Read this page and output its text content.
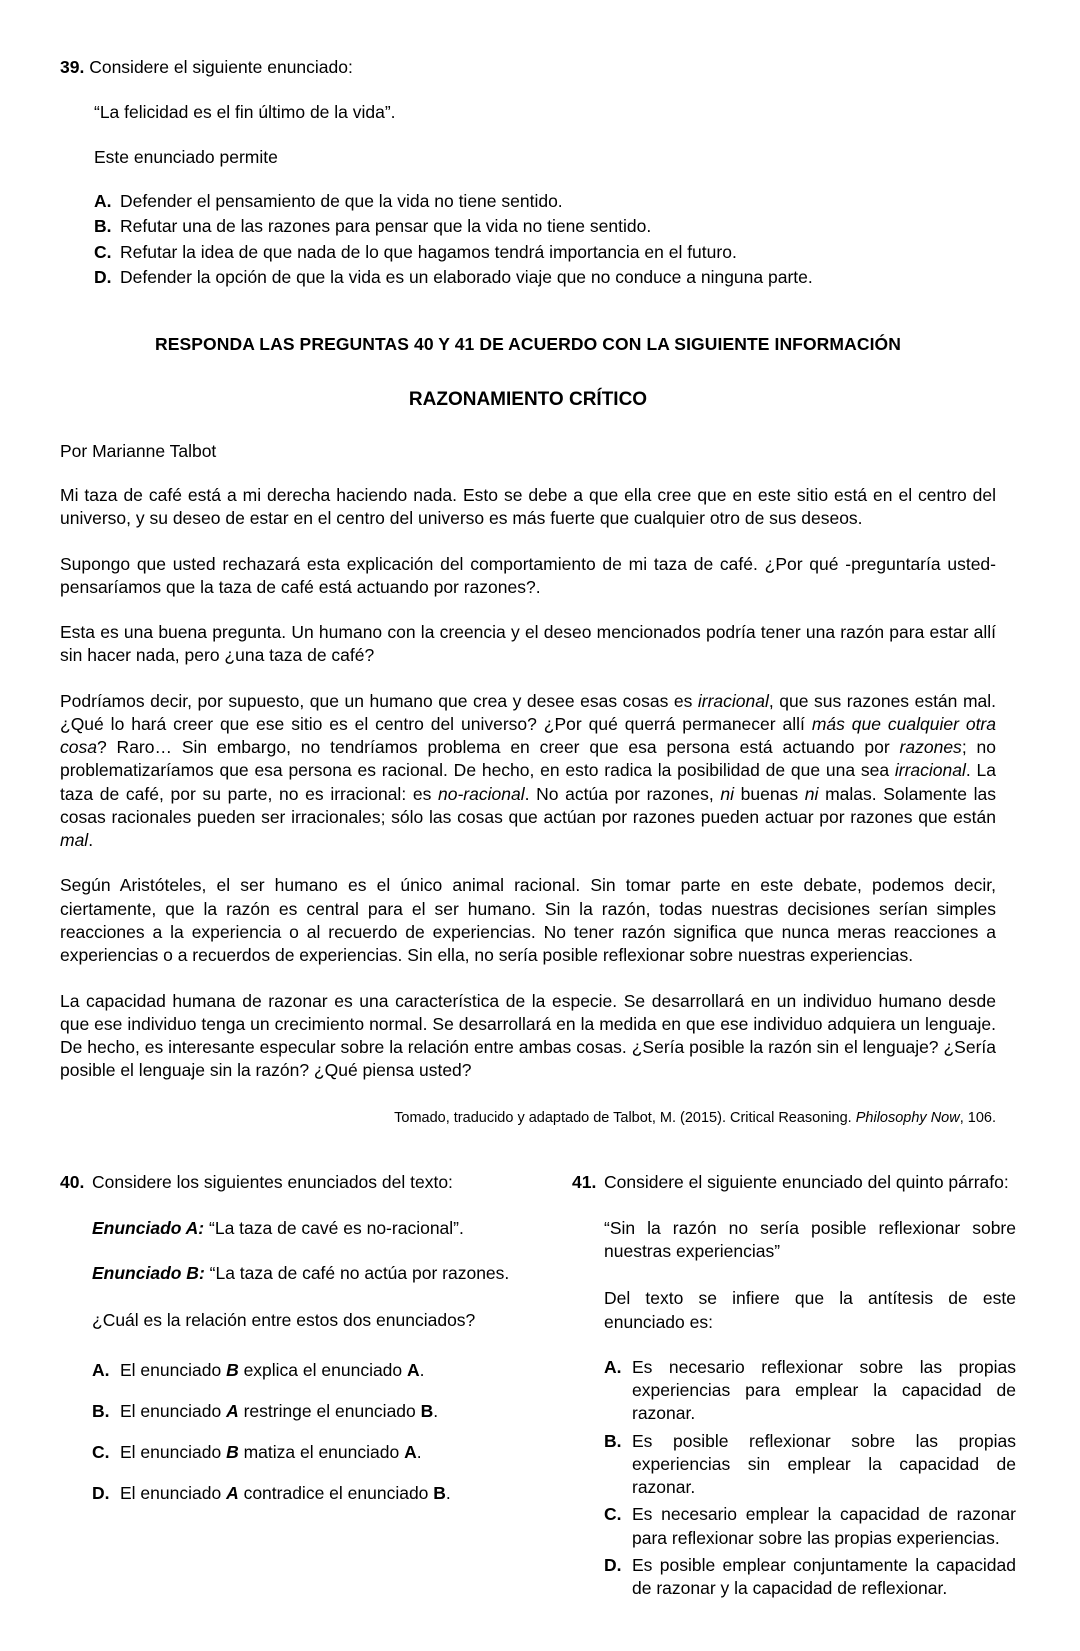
39. Considere el siguiente enunciado:

“La felicidad es el fin último de la vida”.

Este enunciado permite

A. Defender el pensamiento de que la vida no tiene sentido.
B. Refutar una de las razones para pensar que la vida no tiene sentido.
C. Refutar la idea de que nada de lo que hagamos tendrá importancia en el futuro.
D. Defender la opción de que la vida es un elaborado viaje que no conduce a ninguna parte.

RESPONDA LAS PREGUNTAS 40 Y 41 DE ACUERDO CON LA SIGUIENTE INFORMACIÓN

RAZONAMIENTO CRÍTICO

Por Marianne Talbot

Mi taza de café está a mi derecha haciendo nada. Esto se debe a que ella cree que en este sitio está en el centro del universo, y su deseo de estar en el centro del universo es más fuerte que cualquier otro de sus deseos.

Supongo que usted rechazará esta explicación del comportamiento de mi taza de café. ¿Por qué -preguntaría usted- pensaríamos que la taza de café está actuando por razones?.

Esta es una buena pregunta. Un humano con la creencia y el deseo mencionados podría tener una razón para estar allí sin hacer nada, pero ¿una taza de café?

Podríamos decir, por supuesto, que un humano que crea y desee esas cosas es irracional, que sus razones están mal. ¿Qué lo hará creer que ese sitio es el centro del universo? ¿Por qué querrá permanecer allí más que cualquier otra cosa? Raro… Sin embargo, no tendríamos problema en creer que esa persona está actuando por razones; no problematizaríamos que esa persona es racional. De hecho, en esto radica la posibilidad de que una sea irracional. La taza de café, por su parte, no es irracional: es no-racional. No actúa por razones, ni buenas ni malas. Solamente las cosas racionales pueden ser irracionales; sólo las cosas que actúan por razones pueden actuar por razones que están mal.

Según Aristóteles, el ser humano es el único animal racional. Sin tomar parte en este debate, podemos decir, ciertamente, que la razón es central para el ser humano. Sin la razón, todas nuestras decisiones serían simples reacciones a la experiencia o al recuerdo de experiencias. No tener razón significa que nunca meras reacciones a experiencias o a recuerdos de experiencias. Sin ella, no sería posible reflexionar sobre nuestras experiencias.

La capacidad humana de razonar es una característica de la especie. Se desarrollará en un individuo humano desde que ese individuo tenga un crecimiento normal. Se desarrollará en la medida en que ese individuo adquiera un lenguaje. De hecho, es interesante especular sobre la relación entre ambas cosas. ¿Sería posible la razón sin el lenguaje? ¿Sería posible el lenguaje sin la razón? ¿Qué piensa usted?

Tomado, traducido y adaptado de Talbot, M. (2015). Critical Reasoning. Philosophy Now, 106.

40. Considere los siguientes enunciados del texto:

Enunciado A: “La taza de cavé es no-racional”.

Enunciado B: “La taza de café no actúa por razones.

¿Cuál es la relación entre estos dos enunciados?

A. El enunciado B explica el enunciado A.
B. El enunciado A restringe el enunciado B.
C. El enunciado B matiza el enunciado A.
D. El enunciado A contradice el enunciado B.
41. Considere el siguiente enunciado del quinto párrafo:

“Sin la razón no sería posible reflexionar sobre nuestras experiencias”

Del texto se infiere que la antítesis de este enunciado es:

A. Es necesario reflexionar sobre las propias experiencias para emplear la capacidad de razonar.
B. Es posible reflexionar sobre las propias experiencias sin emplear la capacidad de razonar.
C. Es necesario emplear la capacidad de razonar para reflexionar sobre las propias experiencias.
D. Es posible emplear conjuntamente la capacidad de razonar y la capacidad de reflexionar.
